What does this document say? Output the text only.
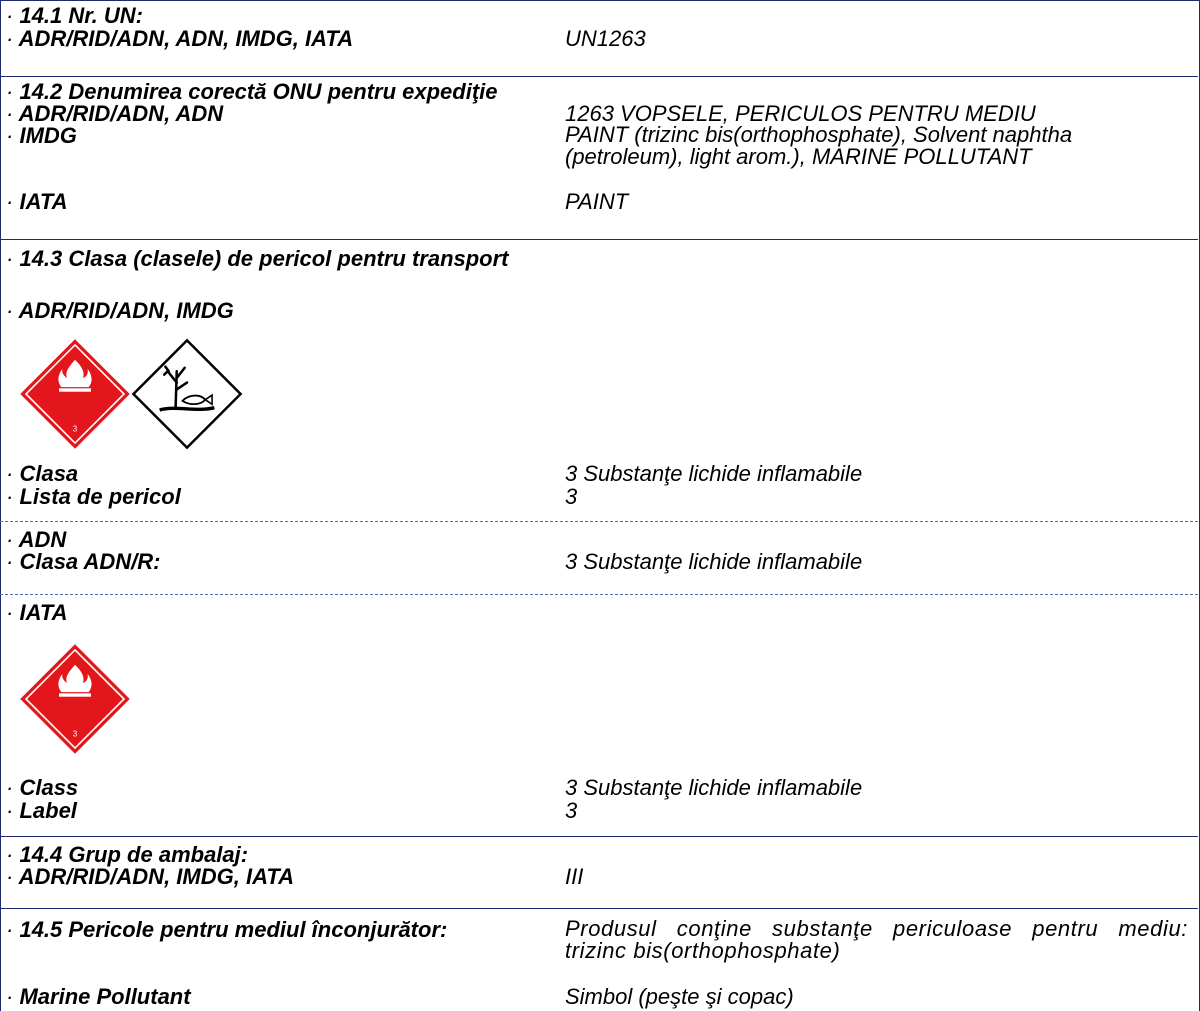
· 14.1 Nr. UN:
· ADR/RID/ADN, ADN, IMDG, IATA	UN1263
· 14.2 Denumirea corectă ONU pentru expediţie
· ADR/RID/ADN, ADN	1263 VOPSELE, PERICULOS PENTRU MEDIU
· IMDG	PAINT (trizinc bis(orthophosphate), Solvent naphtha (petroleum), light arom.), MARINE POLLUTANT
· IATA	PAINT
· 14.3 Clasa (clasele) de pericol pentru transport
· ADR/RID/ADN, IMDG
3
· Clasa	3 Substanţe lichide inflamabile
· Lista de pericol	3
· ADN
· Clasa ADN/R:	3 Substanţe lichide inflamabile
· IATA
3
· Class	3 Substanţe lichide inflamabile
· Label	3
· 14.4 Grup de ambalaj:
· ADR/RID/ADN, IMDG, IATA	III
· 14.5 Pericole pentru mediul înconjurător:	Produsul conţine substanţe periculoase pentru mediu: trizinc bis(orthophosphate)
· Marine Pollutant	Simbol (peşte şi copac)
